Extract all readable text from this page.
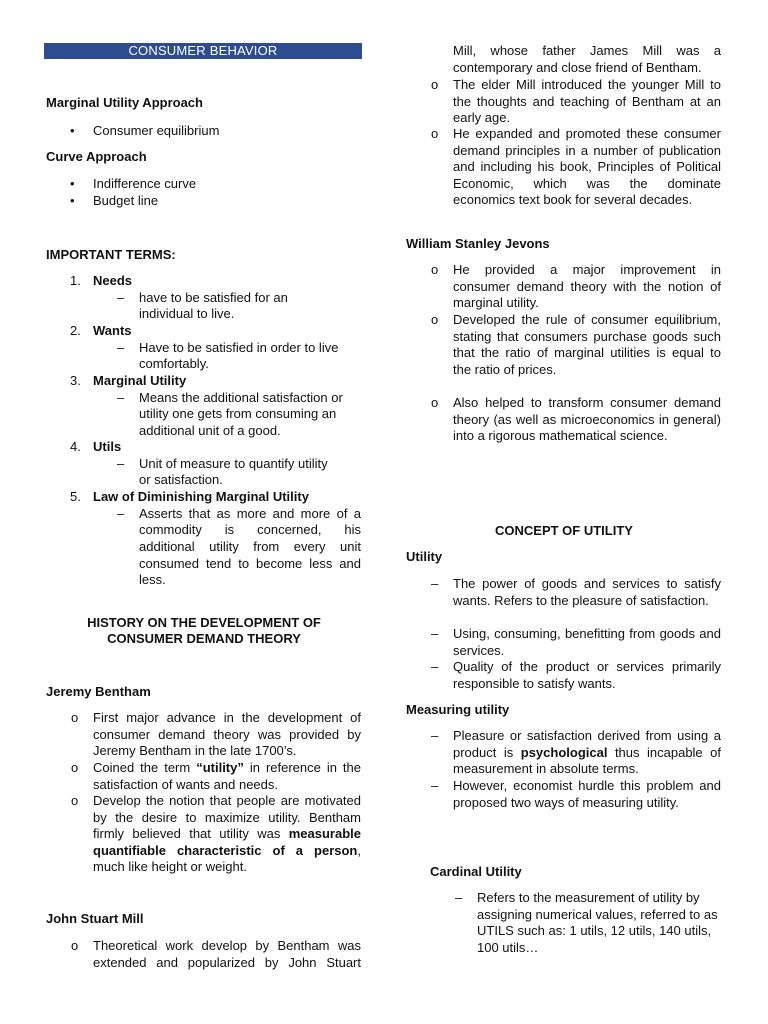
CONSUMER BEHAVIOR
Marginal Utility Approach
• Consumer equilibrium
Curve Approach
• Indifference curve
• Budget line
IMPORTANT TERMS:
1. Needs
– have to be satisfied for an
individual to live.
2. Wants
– Have to be satisfied in order to live
comfortably.
3. Marginal Utility
– Means the additional satisfaction or
utility one gets from consuming an
additional unit of a good.
4. Utils
– Unit of measure to quantify utility
or satisfaction.
5. Law of Diminishing Marginal Utility
– Asserts that as more and more of a
commodity is concerned, his
additional utility from every unit
consumed tend to become less and
less.
HISTORY ON THE DEVELOPMENT OF
CONSUMER DEMAND THEORY
Jeremy Bentham
o First major advance in the development of consumer demand theory was provided by Jeremy Bentham in the late 1700’s.
o Coined the term “utility” in reference in the satisfaction of wants and needs.
o Develop the notion that people are motivated by the desire to maximize utility. Bentham firmly believed that utility was measurable quantifiable characteristic of a person, much like height or weight.
John Stuart Mill
o Theoretical work develop by Bentham was extended and popularized by John Stuart
Mill, whose father James Mill was a contemporary and close friend of Bentham.
o The elder Mill introduced the younger Mill to the thoughts and teaching of Bentham at an early age.
o He expanded and promoted these consumer demand principles in a number of publication and including his book, Principles of Political Economic, which was the dominate economics text book for several decades.
William Stanley Jevons
o He provided a major improvement in consumer demand theory with the notion of marginal utility.
o Developed the rule of consumer equilibrium, stating that consumers purchase goods such that the ratio of marginal utilities is equal to the ratio of prices.
o Also helped to transform consumer demand theory (as well as microeconomics in general) into a rigorous mathematical science.
CONCEPT OF UTILITY
Utility
– The power of goods and services to satisfy wants. Refers to the pleasure of satisfaction.
– Using, consuming, benefitting from goods and services.
– Quality of the product or services primarily responsible to satisfy wants.
Measuring utility
– Pleasure or satisfaction derived from using a product is psychological thus incapable of measurement in absolute terms.
– However, economist hurdle this problem and proposed two ways of measuring utility.
Cardinal Utility
– Refers to the measurement of utility by assigning numerical values, referred to as UTILS such as: 1 utils, 12 utils, 140 utils, 100 utils…
